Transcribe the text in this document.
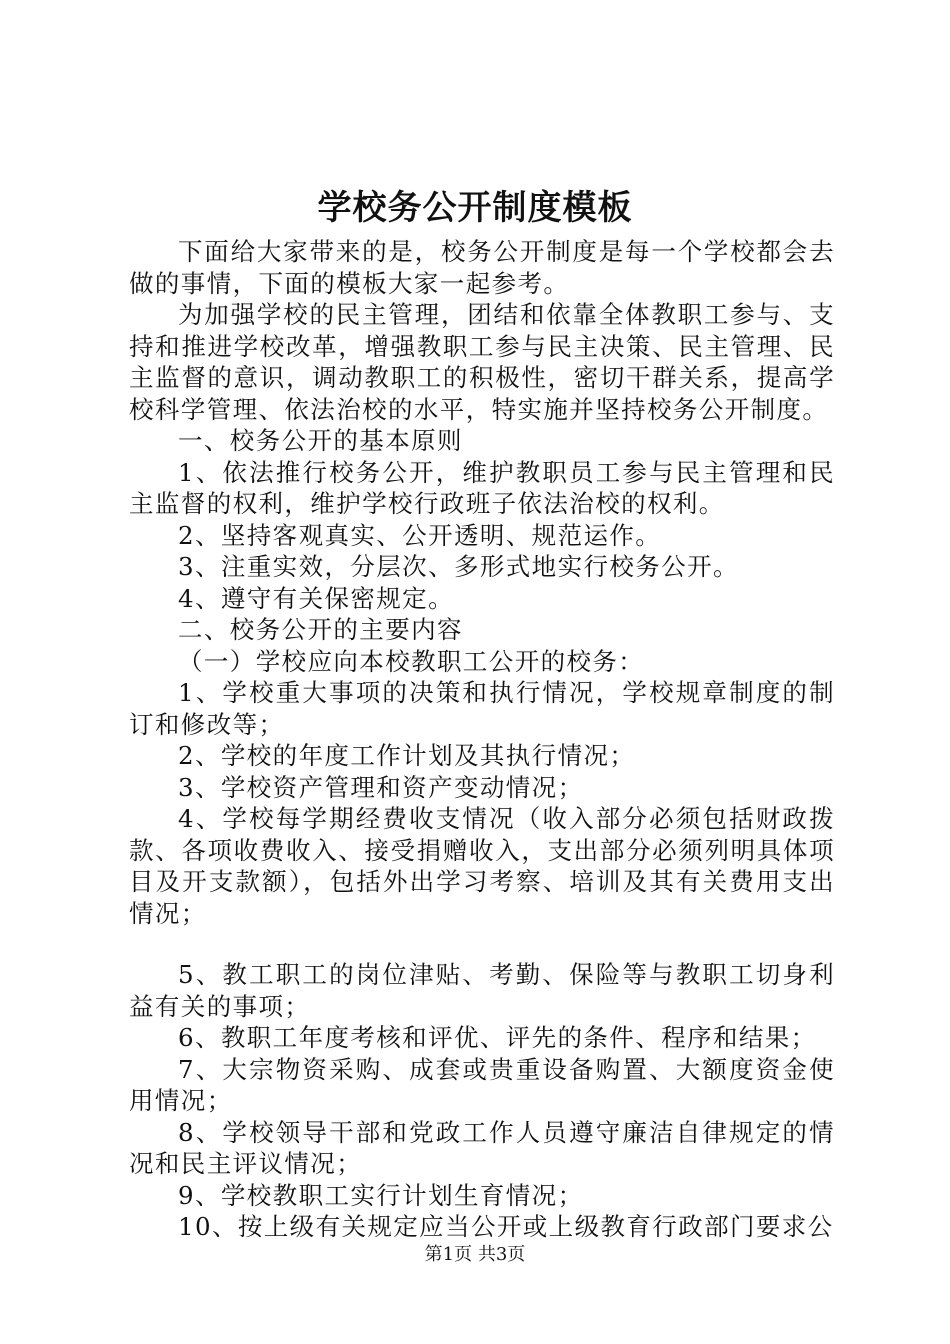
学校务公开制度模板

下面给大家带来的是，校务公开制度是每一个学校都会去做的事情，下面的模板大家一起参考。

为加强学校的民主管理，团结和依靠全体教职工参与、支持和推进学校改革，增强教职工参与民主决策、民主管理、民主监督的意识，调动教职工的积极性，密切干群关系，提高学校科学管理、依法治校的水平，特实施并坚持校务公开制度。

一、校务公开的基本原则

1、依法推行校务公开，维护教职员工参与民主管理和民主监督的权利，维护学校行政班子依法治校的权利。

2、坚持客观真实、公开透明、规范运作。

3、注重实效，分层次、多形式地实行校务公开。

4、遵守有关保密规定。

二、校务公开的主要内容

（一）学校应向本校教职工公开的校务：

1、学校重大事项的决策和执行情况，学校规章制度的制订和修改等；

2、学校的年度工作计划及其执行情况；

3、学校资产管理和资产变动情况；

4、学校每学期经费收支情况（收入部分必须包括财政拨款、各项收费收入、接受捐赠收入，支出部分必须列明具体项目及开支款额），包括外出学习考察、培训及其有关费用支出情况；

5、教工职工的岗位津贴、考勤、保险等与教职工切身利益有关的事项；

6、教职工年度考核和评优、评先的条件、程序和结果；

7、大宗物资采购、成套或贵重设备购置、大额度资金使用情况；

8、学校领导干部和党政工作人员遵守廉洁自律规定的情况和民主评议情况；

9、学校教职工实行计划生育情况；

10、按上级有关规定应当公开或上级教育行政部门要求公

第1页 共3页
